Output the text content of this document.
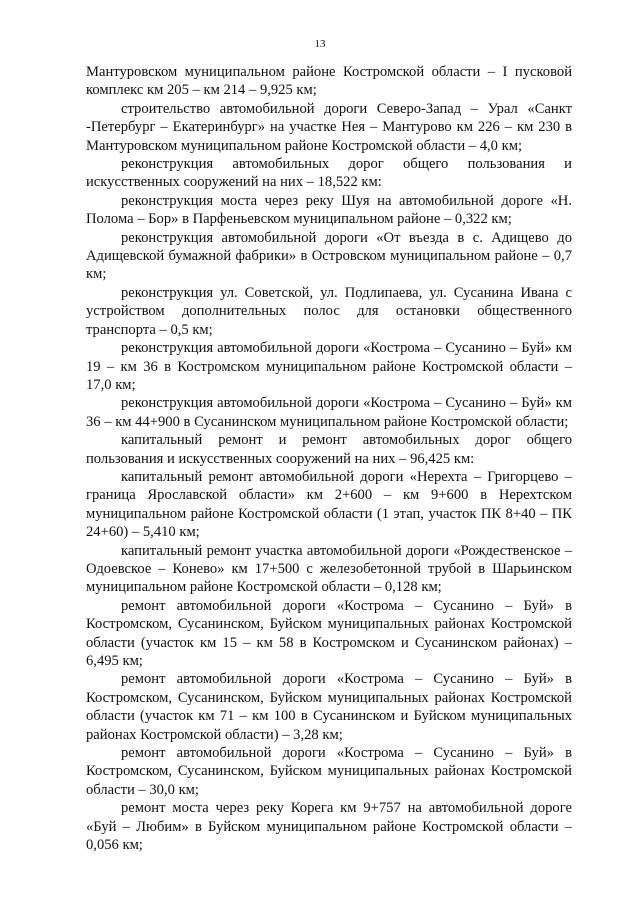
13

Мантуровском муниципальном районе Костромской области – I пусковой комплекс км 205 – км 214 – 9,925 км;

строительство автомобильной дороги Северо-Запад – Урал «Санкт -Петербург – Екатеринбург» на участке Нея – Мантурово км 226 – км 230 в Мантуровском муниципальном районе Костромской области – 4,0 км;

реконструкция автомобильных дорог общего пользования и искусственных сооружений на них – 18,522 км:

реконструкция моста через реку Шуя на автомобильной дороге «Н. Полома – Бор» в Парфеньевском муниципальном районе – 0,322 км;

реконструкция автомобильной дороги «От въезда в с. Адищево до Адищевской бумажной фабрики» в Островском муниципальном районе – 0,7 км;

реконструкция ул. Советской, ул. Подлипаева, ул. Сусанина Ивана с устройством дополнительных полос для остановки общественного транспорта – 0,5 км;

реконструкция автомобильной дороги «Кострома – Сусанино – Буй» км 19 – км 36 в Костромском муниципальном районе Костромской области – 17,0 км;

реконструкция автомобильной дороги «Кострома – Сусанино – Буй» км 36 – км 44+900 в Сусанинском муниципальном районе Костромской области;

капитальный ремонт и ремонт автомобильных дорог общего пользования и искусственных сооружений на них – 96,425 км:

капитальный ремонт автомобильной дороги «Нерехта – Григорцево – граница Ярославской области» км 2+600 – км 9+600 в Нерехтском муниципальном районе Костромской области (1 этап, участок ПК 8+40 – ПК 24+60) – 5,410 км;

капитальный ремонт участка автомобильной дороги «Рождественское – Одоевское – Конево» км 17+500 с железобетонной трубой в Шарьинском муниципальном районе Костромской области – 0,128 км;

ремонт автомобильной дороги «Кострома – Сусанино – Буй» в Костромском, Сусанинском, Буйском муниципальных районах Костромской области (участок км 15 – км 58 в Костромском и Сусанинском районах) – 6,495 км;

ремонт автомобильной дороги «Кострома – Сусанино – Буй» в Костромском, Сусанинском, Буйском муниципальных районах Костромской области (участок км 71 – км 100 в Сусанинском и Буйском муниципальных районах Костромской области) – 3,28 км;

ремонт автомобильной дороги «Кострома – Сусанино – Буй» в Костромском, Сусанинском, Буйском муниципальных районах Костромской области – 30,0 км;

ремонт моста через реку Корега км 9+757 на автомобильной дороге «Буй – Любим» в Буйском муниципальном районе Костромской области – 0,056 км;
